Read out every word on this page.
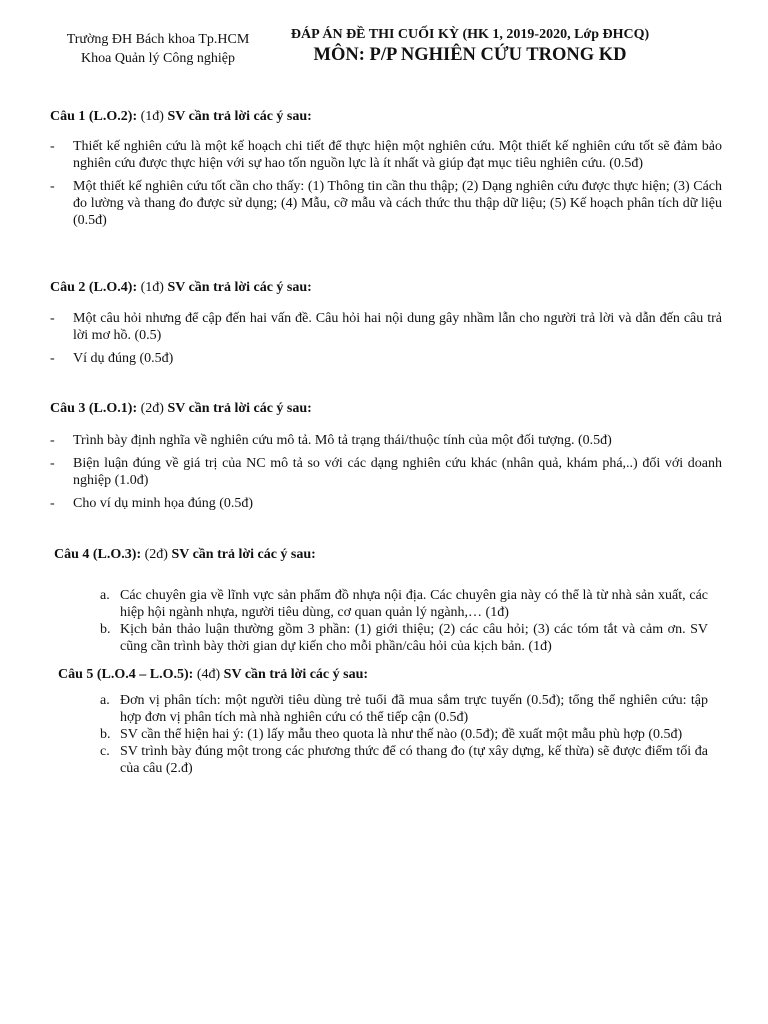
Trường ĐH Bách khoa Tp.HCM
Khoa Quản lý Công nghiệp
ĐÁP ÁN ĐỀ THI CUỐI KỲ (HK 1, 2019-2020, Lớp ĐHCQ)
MÔN: P/P NGHIÊN CỨU TRONG KD

Câu 1 (L.O.2): (1đ) SV cần trả lời các ý sau:

- Thiết kế nghiên cứu là một kế hoạch chi tiết để thực hiện một nghiên cứu. Một thiết kế nghiên cứu tốt sẽ đảm bảo nghiên cứu được thực hiện với sự hao tốn nguồn lực là ít nhất và giúp đạt mục tiêu nghiên cứu. (0.5đ)
- Một thiết kế nghiên cứu tốt cần cho thấy: (1) Thông tin cần thu thập; (2) Dạng nghiên cứu được thực hiện; (3) Cách đo lường và thang đo được sử dụng; (4) Mẫu, cỡ mẫu và cách thức thu thập dữ liệu; (5) Kế hoạch phân tích dữ liệu (0.5đ)

Câu 2 (L.O.4): (1đ) SV cần trả lời các ý sau:

- Một câu hỏi nhưng để cập đến hai vấn đề. Câu hỏi hai nội dung gây nhầm lẫn cho người trả lời và dẫn đến câu trả lời mơ hồ. (0.5)
- Ví dụ đúng (0.5đ)

Câu 3 (L.O.1): (2đ) SV cần trả lời các ý sau:

- Trình bày định nghĩa về nghiên cứu mô tả. Mô tả trạng thái/thuộc tính của một đối tượng. (0.5đ)
- Biện luận đúng về giá trị của NC mô tả so với các dạng nghiên cứu khác (nhân quả, khám phá,..) đối với doanh nghiệp (1.0đ)
- Cho ví dụ minh họa đúng (0.5đ)

Câu 4 (L.O.3): (2đ) SV cần trả lời các ý sau:

a. Các chuyên gia về lĩnh vực sản phẩm đồ nhựa nội địa. Các chuyên gia này có thể là từ nhà sản xuất, các hiệp hội ngành nhựa, người tiêu dùng, cơ quan quản lý ngành,… (1đ)
b. Kịch bản thảo luận thường gồm 3 phần: (1) giới thiệu; (2) các câu hỏi; (3) các tóm tắt và cảm ơn. SV cũng cần trình bày thời gian dự kiến cho mỗi phần/câu hỏi của kịch bản. (1đ)

Câu 5 (L.O.4 – L.O.5): (4đ) SV cần trả lời các ý sau:

a. Đơn vị phân tích: một người tiêu dùng trẻ tuổi đã mua sắm trực tuyến (0.5đ); tổng thể nghiên cứu: tập hợp đơn vị phân tích mà nhà nghiên cứu có thể tiếp cận (0.5đ)
b. SV cần thể hiện hai ý: (1) lấy mẫu theo quota là như thế nào (0.5đ); đề xuất một mẫu phù hợp (0.5đ)
c. SV trình bày đúng một trong các phương thức để có thang đo (tự xây dựng, kế thừa) sẽ được điểm tối đa của câu (2.đ)
